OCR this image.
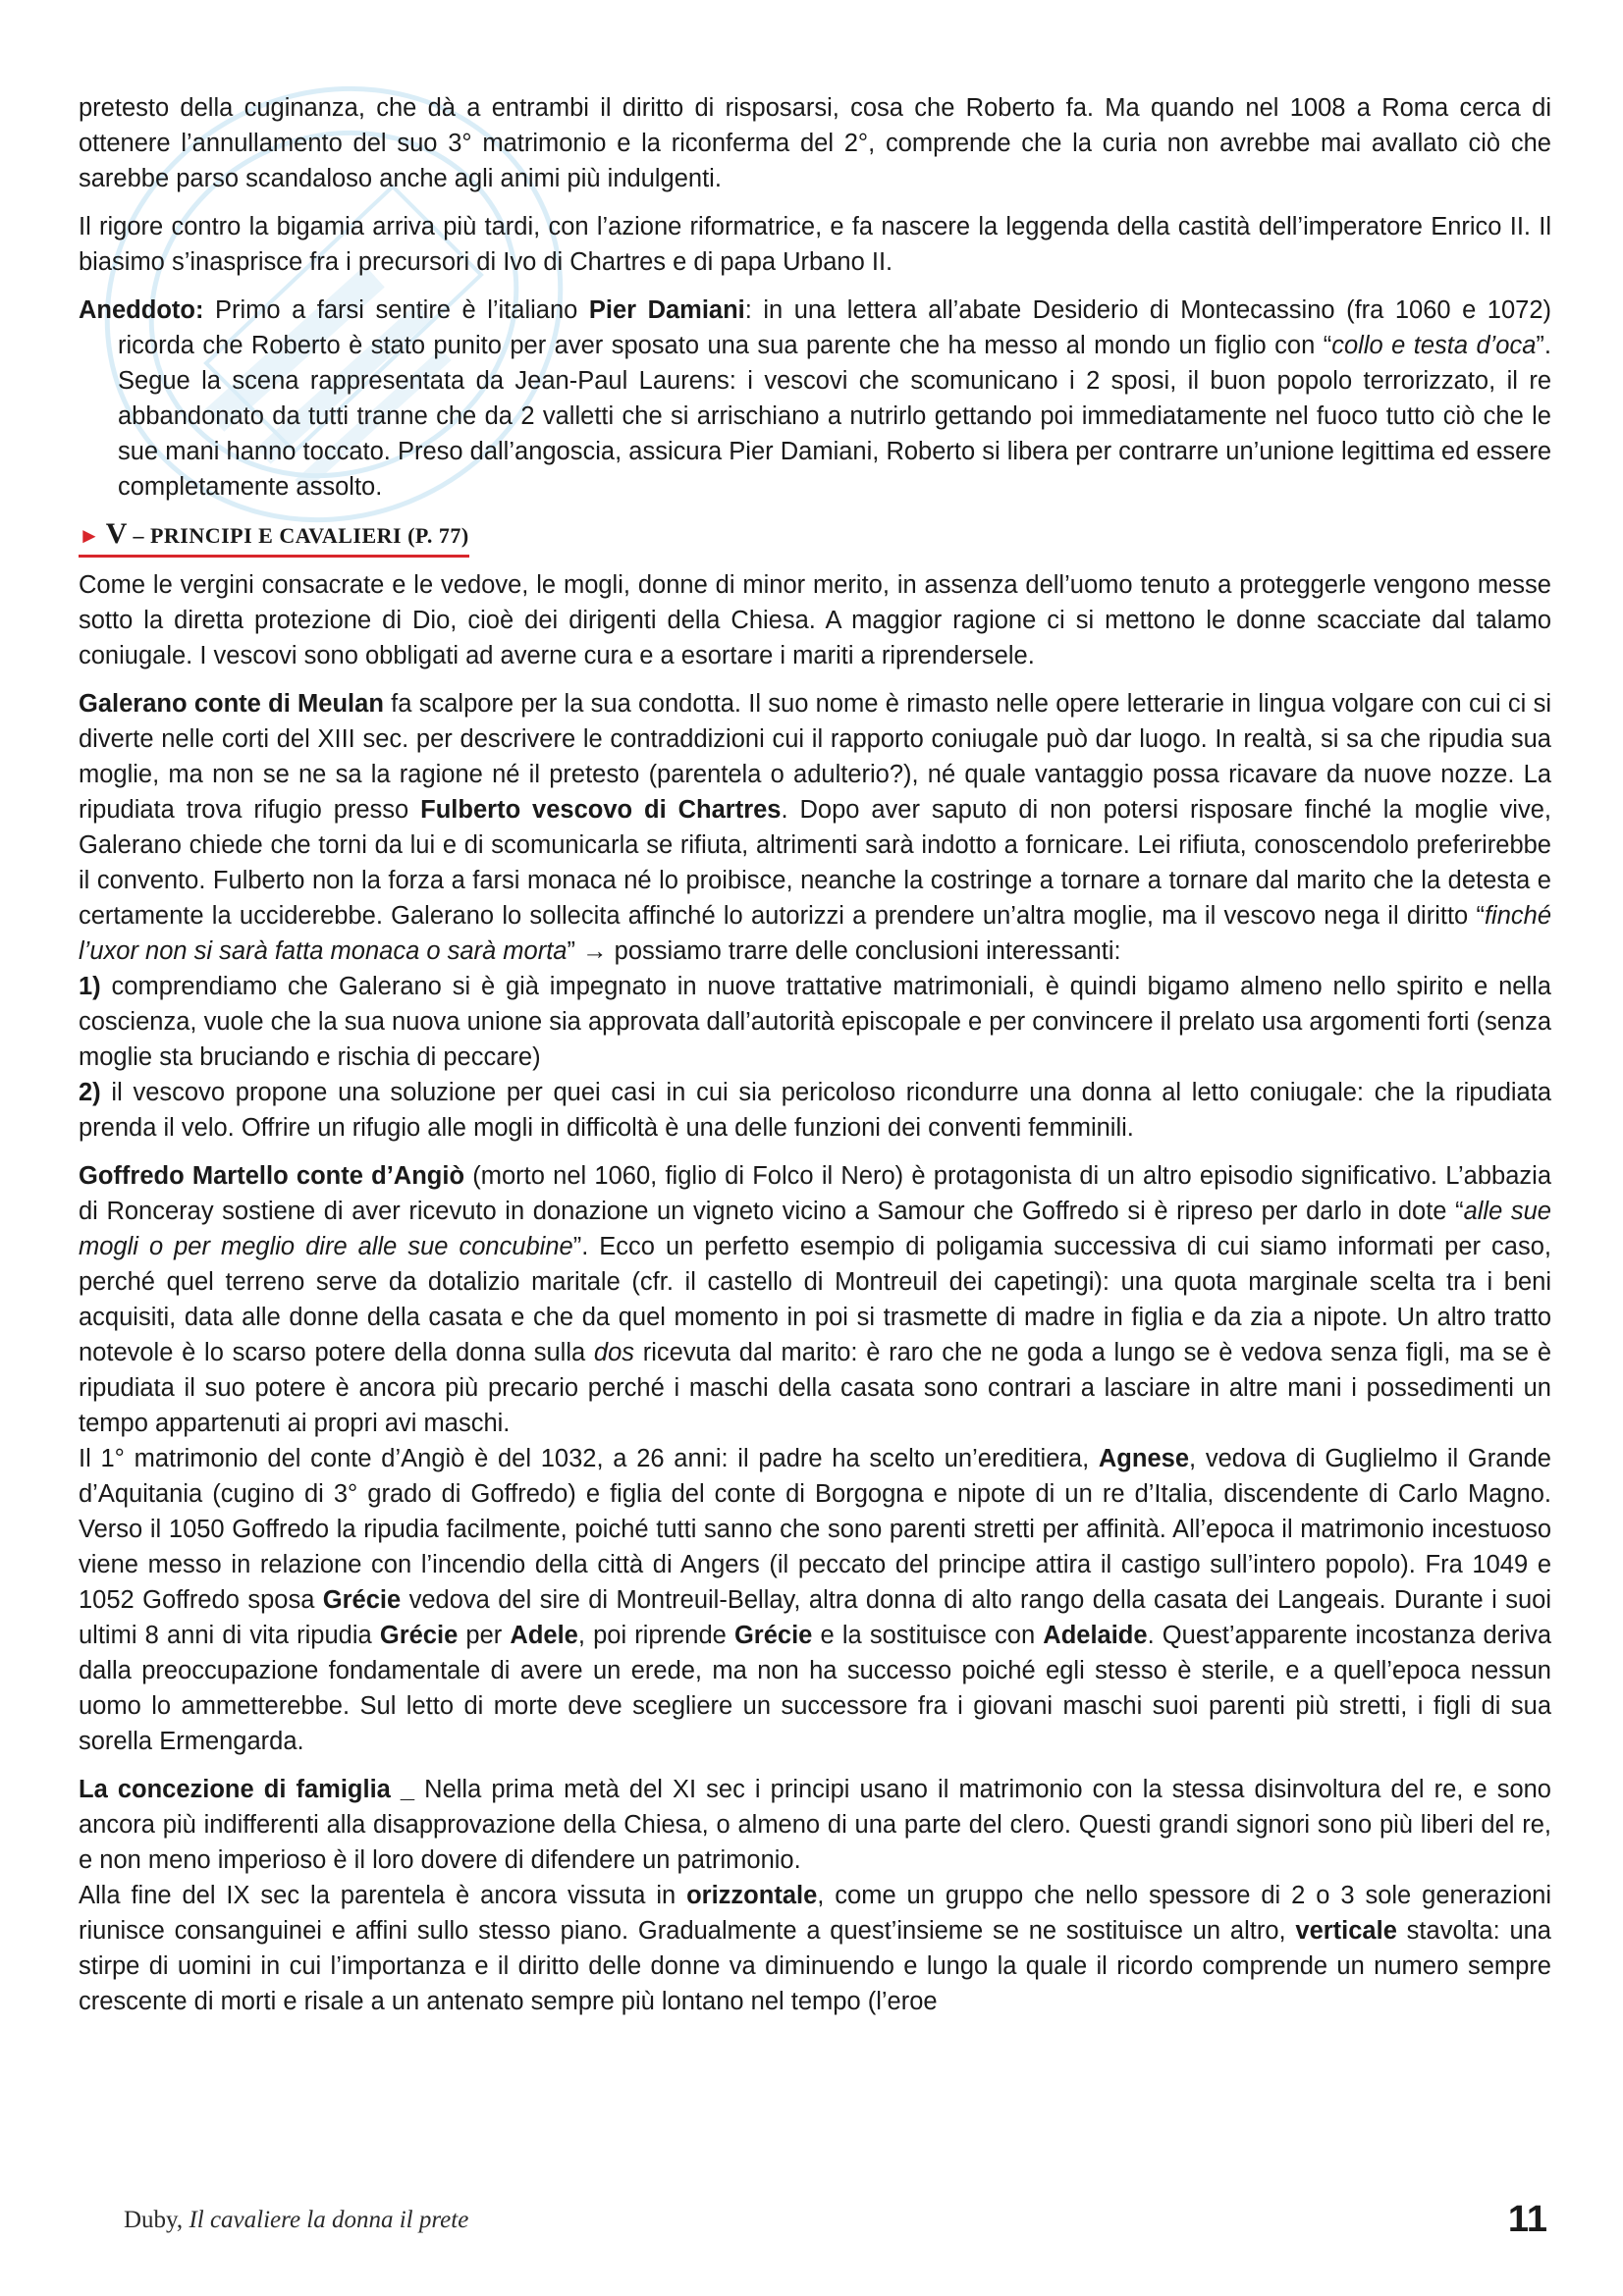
pretesto della cuginanza, che dà a entrambi il diritto di risposarsi, cosa che Roberto fa. Ma quando nel 1008 a Roma cerca di ottenere l’annullamento del suo 3° matrimonio e la riconferma del 2°, comprende che la curia non avrebbe mai avallato ciò che sarebbe parso scandaloso anche agli animi più indulgenti.

Il rigore contro la bigamia arriva più tardi, con l’azione riformatrice, e fa nascere la leggenda della castità dell’imperatore Enrico II. Il biasimo s’inasprisce fra i precursori di Ivo di Chartres e di papa Urbano II.

Aneddoto: Primo a farsi sentire è l’italiano Pier Damiani: in una lettera all’abate Desiderio di Montecassino (fra 1060 e 1072) ricorda che Roberto è stato punito per aver sposato una sua parente che ha messo al mondo un figlio con “collo e testa d’oca”. Segue la scena rappresentata da Jean-Paul Laurens: i vescovi che scomunicano i 2 sposi, il buon popolo terrorizzato, il re abbandonato da tutti tranne che da 2 valletti che si arrischiano a nutrirlo gettando poi immediatamente nel fuoco tutto ciò che le sue mani hanno toccato. Preso dall’angoscia, assicura Pier Damiani, Roberto si libera per contrarre un’unione legittima ed essere completamente assolto.

► V – PRINCIPI E CAVALIERI (P. 77)

Come le vergini consacrate e le vedove, le mogli, donne di minor merito, in assenza dell’uomo tenuto a proteggerle vengono messe sotto la diretta protezione di Dio, cioè dei dirigenti della Chiesa. A maggior ragione ci si mettono le donne scacciate dal talamo coniugale. I vescovi sono obbligati ad averne cura e a esortare i mariti a riprendersele.

Galerano conte di Meulan fa scalpore per la sua condotta. Il suo nome è rimasto nelle opere letterarie in lingua volgare con cui ci si diverte nelle corti del XIII sec. per descrivere le contraddizioni cui il rapporto coniugale può dar luogo. In realtà, si sa che ripudia sua moglie, ma non se ne sa la ragione né il pretesto (parentela o adulterio?), né quale vantaggio possa ricavare da nuove nozze. La ripudiata trova rifugio presso Fulberto vescovo di Chartres. Dopo aver saputo di non potersi risposare finché la moglie vive, Galerano chiede che torni da lui e di scomunicarla se rifiuta, altrimenti sarà indotto a fornicare. Lei rifiuta, conoscendolo preferirebbe il convento. Fulberto non la forza a farsi monaca né lo proibisce, neanche la costringe a tornare a tornare dal marito che la detesta e certamente la ucciderebbe. Galerano lo sollecita affinché lo autorizzi a prendere un’altra moglie, ma il vescovo nega il diritto “finché l’uxor non si sarà fatta monaca o sarà morta” → possiamo trarre delle conclusioni interessanti:

1) comprendiamo che Galerano si è già impegnato in nuove trattative matrimoniali, è quindi bigamo almeno nello spirito e nella coscienza, vuole che la sua nuova unione sia approvata dall’autorità episcopale e per convincere il prelato usa argomenti forti (senza moglie sta bruciando e rischia di peccare)

2) il vescovo propone una soluzione per quei casi in cui sia pericoloso ricondurre una donna al letto coniugale: che la ripudiata prenda il velo. Offrire un rifugio alle mogli in difficoltà è una delle funzioni dei conventi femminili.

Goffredo Martello conte d’Angiò (morto nel 1060, figlio di Folco il Nero) è protagonista di un altro episodio significativo. L’abbazia di Ronceray sostiene di aver ricevuto in donazione un vigneto vicino a Samour che Goffredo si è ripreso per darlo in dote “alle sue mogli o per meglio dire alle sue concubine”. Ecco un perfetto esempio di poligamia successiva di cui siamo informati per caso, perché quel terreno serve da dotalizio maritale (cfr. il castello di Montreuil dei capetingi): una quota marginale scelta tra i beni acquisiti, data alle donne della casata e che da quel momento in poi si trasmette di madre in figlia e da zia a nipote. Un altro tratto notevole è lo scarso potere della donna sulla dos ricevuta dal marito: è raro che ne goda a lungo se è vedova senza figli, ma se è ripudiata il suo potere è ancora più precario perché i maschi della casata sono contrari a lasciare in altre mani i possedimenti un tempo appartenuti ai propri avi maschi.

Il 1° matrimonio del conte d’Angiò è del 1032, a 26 anni: il padre ha scelto un’ereditiera, Agnese, vedova di Guglielmo il Grande d’Aquitania (cugino di 3° grado di Goffredo) e figlia del conte di Borgogna e nipote di un re d’Italia, discendente di Carlo Magno. Verso il 1050 Goffredo la ripudia facilmente, poiché tutti sanno che sono parenti stretti per affinità. All’epoca il matrimonio incestuoso viene messo in relazione con l’incendio della città di Angers (il peccato del principe attira il castigo sull’intero popolo). Fra 1049 e 1052 Goffredo sposa Grécie vedova del sire di Montreuil-Bellay, altra donna di alto rango della casata dei Langeais. Durante i suoi ultimi 8 anni di vita ripudia Grécie per Adele, poi riprende Grécie e la sostituisce con Adelaide. Quest’apparente incostanza deriva dalla preoccupazione fondamentale di avere un erede, ma non ha successo poiché egli stesso è sterile, e a quell’epoca nessun uomo lo ammetterebbe. Sul letto di morte deve scegliere un successore fra i giovani maschi suoi parenti più stretti, i figli di sua sorella Ermengarda.

La concezione di famiglia _ Nella prima metà del XI sec i principi usano il matrimonio con la stessa disinvoltura del re, e sono ancora più indifferenti alla disapprovazione della Chiesa, o almeno di una parte del clero. Questi grandi signori sono più liberi del re, e non meno imperioso è il loro dovere di difendere un patrimonio.

Alla fine del IX sec la parentela è ancora vissuta in orizzontale, come un gruppo che nello spessore di 2 o 3 sole generazioni riunisce consanguinei e affini sullo stesso piano. Gradualmente a quest’insieme se ne sostituisce un altro, verticale stavolta: una stirpe di uomini in cui l’importanza e il diritto delle donne va diminuendo e lungo la quale il ricordo comprende un numero sempre crescente di morti e risale a un antenato sempre più lontano nel tempo (l’eroe

Duby, Il cavaliere la donna il prete	11
